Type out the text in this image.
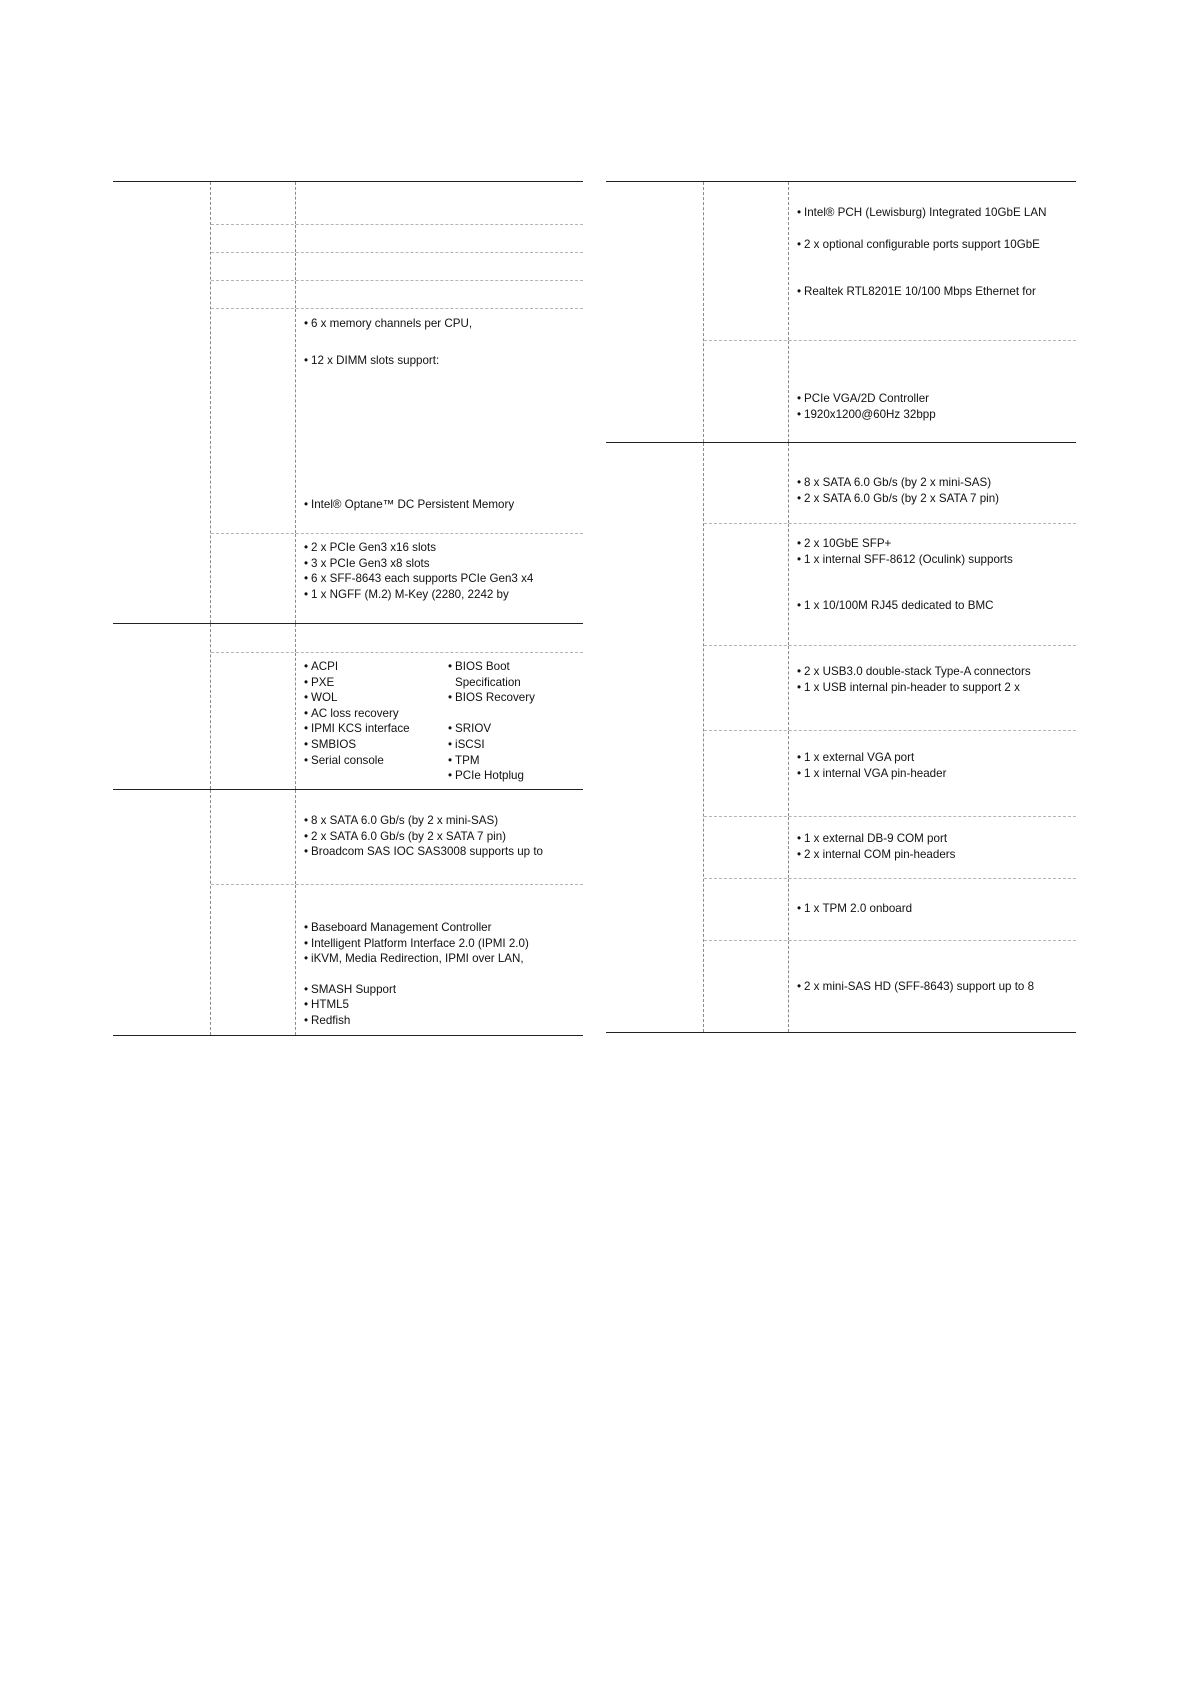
• 6 x memory channels per CPU,
• 12 x DIMM slots support:
• Intel® Optane™ DC Persistent Memory
• 2 x PCIe Gen3 x16 slots
• 3 x PCIe Gen3 x8 slots
• 6 x SFF-8643 each supports PCIe Gen3 x4
• 1 x NGFF (M.2) M-Key (2280, 2242 by
• ACPI
• PXE
• WOL
• AC loss recovery
• IPMI KCS interface
• SMBIOS
• Serial console
• BIOS Boot
Specification
• BIOS Recovery

• SRIOV
• iSCSI
• TPM
• PCIe Hotplug
• 8 x SATA 6.0 Gb/s (by 2 x mini-SAS)
• 2 x SATA 6.0 Gb/s (by 2 x SATA 7 pin)
• Broadcom SAS IOC SAS3008 supports up to
• Baseboard Management Controller
• Intelligent Platform Interface 2.0 (IPMI 2.0)
• iKVM, Media Redirection, IPMI over LAN,
• SMASH Support
• HTML5
• Redfish
• Intel® PCH (Lewisburg) Integrated 10GbE LAN
• 2 x optional configurable ports support 10GbE
• Realtek RTL8201E 10/100 Mbps Ethernet for
• PCIe VGA/2D Controller
• 1920x1200@60Hz 32bpp
• 8 x SATA 6.0 Gb/s (by 2 x mini-SAS)
• 2 x SATA 6.0 Gb/s (by 2 x SATA 7 pin)
• 2 x 10GbE SFP+
• 1 x internal SFF-8612 (Oculink) supports
• 1 x 10/100M RJ45 dedicated to BMC
• 2 x USB3.0 double-stack Type-A connectors
• 1 x USB internal pin-header to support 2 x
• 1 x external VGA port
• 1 x internal VGA pin-header
• 1 x external DB-9 COM port
• 2 x internal COM pin-headers
• 1 x TPM 2.0 onboard
• 2 x mini-SAS HD (SFF-8643) support up to 8
